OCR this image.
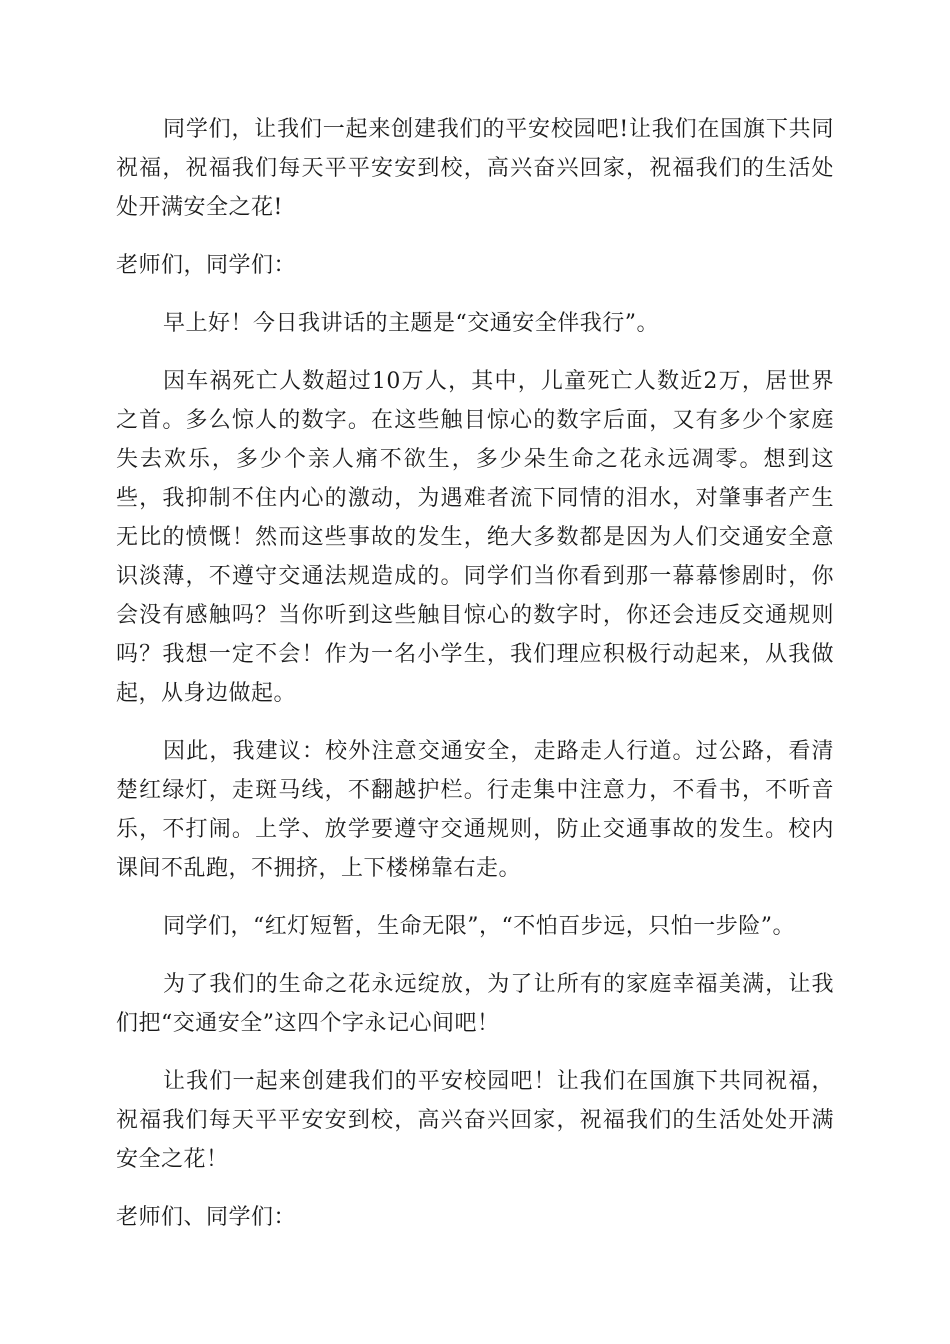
同学们，让我们一起来创建我们的平安校园吧!让我们在国旗下共同祝福，祝福我们每天平平安安到校，高兴奋兴回家，祝福我们的生活处处开满安全之花!

老师们，同学们：

早上好！今日我讲话的主题是“交通安全伴我行”。

因车祸死亡人数超过10万人，其中，儿童死亡人数近2万，居世界之首。多么惊人的数字。在这些触目惊心的数字后面，又有多少个家庭失去欢乐，多少个亲人痛不欲生，多少朵生命之花永远凋零。想到这些，我抑制不住内心的激动，为遇难者流下同情的泪水，对肇事者产生无比的愤慨！然而这些事故的发生，绝大多数都是因为人们交通安全意识淡薄，不遵守交通法规造成的。同学们当你看到那一幕幕惨剧时，你会没有感触吗？当你听到这些触目惊心的数字时，你还会违反交通规则吗？我想一定不会！作为一名小学生，我们理应积极行动起来，从我做起，从身边做起。

因此，我建议：校外注意交通安全，走路走人行道。过公路，看清楚红绿灯，走斑马线，不翻越护栏。行走集中注意力，不看书，不听音乐，不打闹。上学、放学要遵守交通规则，防止交通事故的发生。校内课间不乱跑，不拥挤，上下楼梯靠右走。

同学们，“红灯短暂，生命无限”，“不怕百步远，只怕一步险”。

为了我们的生命之花永远绽放，为了让所有的家庭幸福美满，让我们把“交通安全”这四个字永记心间吧！

让我们一起来创建我们的平安校园吧！让我们在国旗下共同祝福，祝福我们每天平平安安到校，高兴奋兴回家，祝福我们的生活处处开满安全之花！

老师们、同学们：
